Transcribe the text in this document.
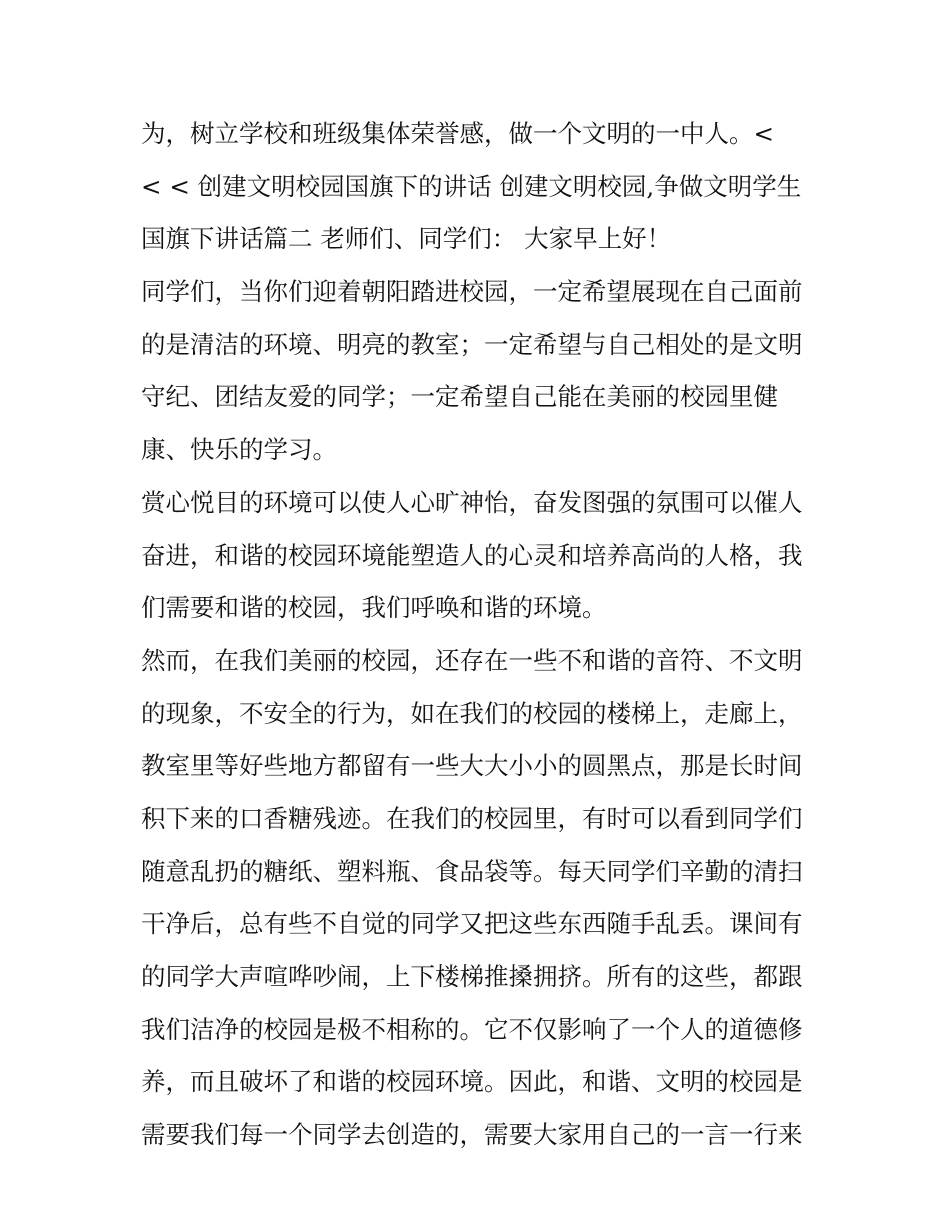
为，树立学校和班级集体荣誉感，做一个文明的一中人。<
< < 创建文明校园国旗下的讲话 创建文明校园,争做文明学生
国旗下讲话篇二 老师们、同学们： 大家早上好！
同学们，当你们迎着朝阳踏进校园，一定希望展现在自己面前
的是清洁的环境、明亮的教室；一定希望与自己相处的是文明
守纪、团结友爱的同学；一定希望自己能在美丽的校园里健
康、快乐的学习。
赏心悦目的环境可以使人心旷神怡，奋发图强的氛围可以催人
奋进，和谐的校园环境能塑造人的心灵和培养高尚的人格，我
们需要和谐的校园，我们呼唤和谐的环境。
然而，在我们美丽的校园，还存在一些不和谐的音符、不文明
的现象，不安全的行为，如在我们的校园的楼梯上，走廊上，
教室里等好些地方都留有一些大大小小的圆黑点，那是长时间
积下来的口香糖残迹。在我们的校园里，有时可以看到同学们
随意乱扔的糖纸、塑料瓶、食品袋等。每天同学们辛勤的清扫
干净后，总有些不自觉的同学又把这些东西随手乱丢。课间有
的同学大声喧哗吵闹，上下楼梯推搡拥挤。所有的这些，都跟
我们洁净的校园是极不相称的。它不仅影响了一个人的道德修
养，而且破坏了和谐的校园环境。因此，和谐、文明的校园是
需要我们每一个同学去创造的，需要大家用自己的一言一行来
